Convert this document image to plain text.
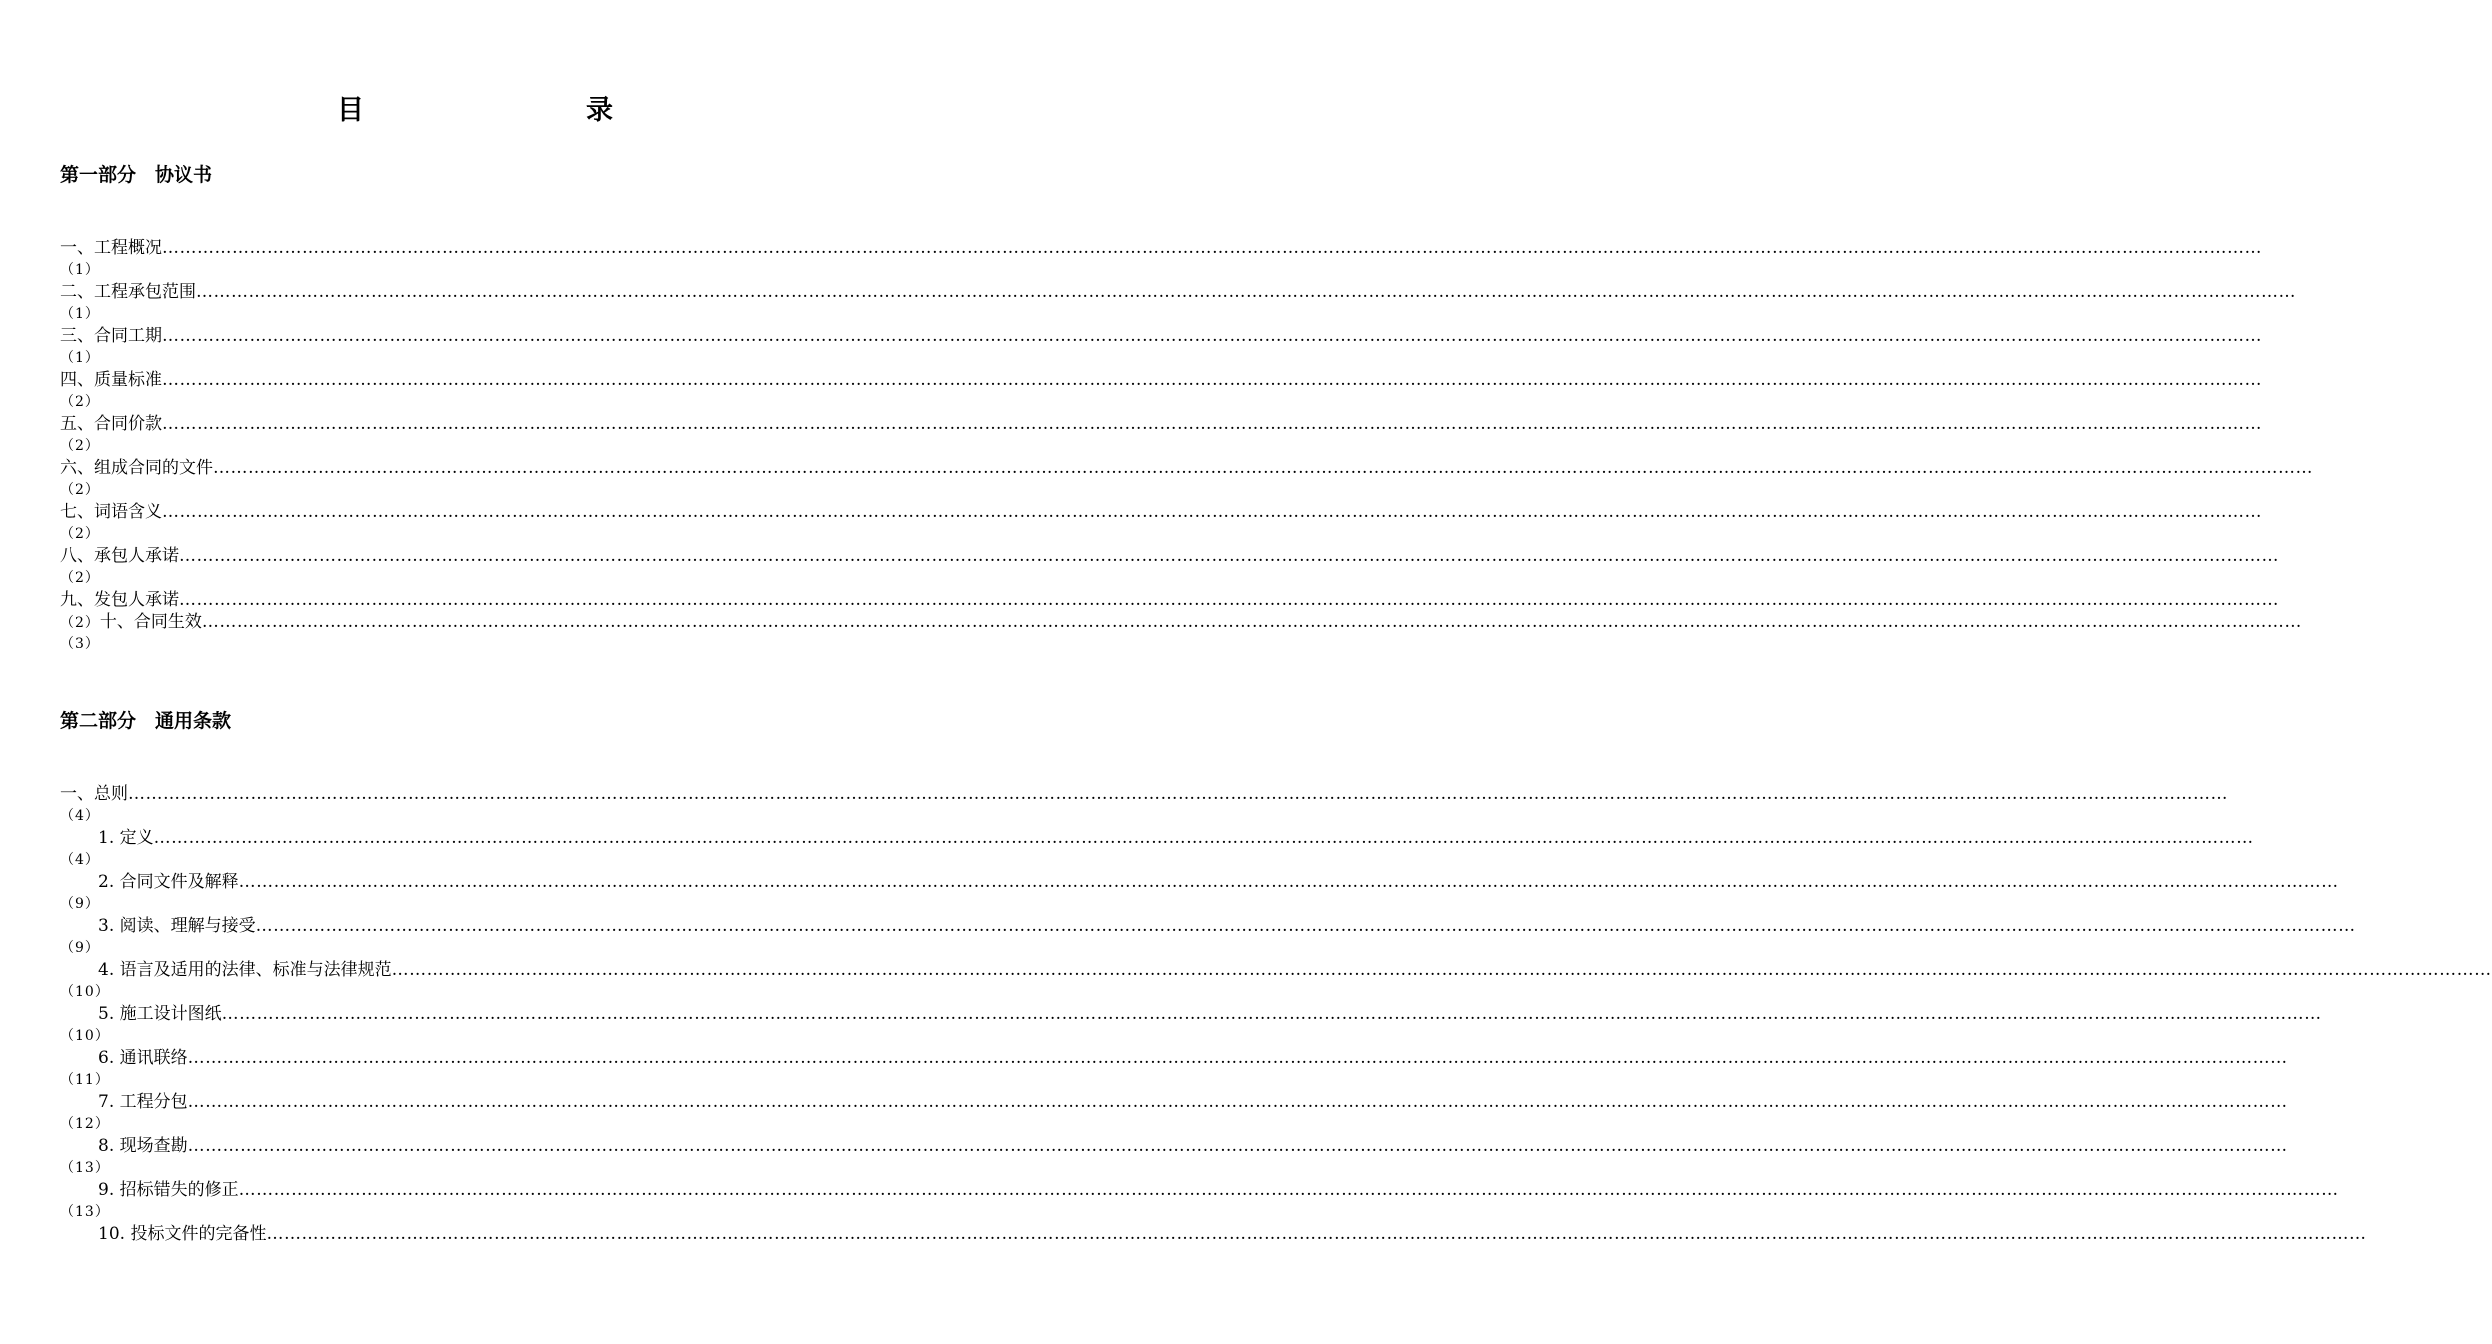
目　　录
第一部分　协议书
一、工程概况 ………………………………………………………………………………………………………………………………………………………………………………………………………………………………………………………………………………………………………………………………
（1）
二、工程承包范围 ………………………………………………………………………………………………………………………………………………………………………………………………………………………………………………………………………………………………………………………………
（1）
三、合同工期 ………………………………………………………………………………………………………………………………………………………………………………………………………………………………………………………………………………………………………………………………
（1）
四、质量标准 ………………………………………………………………………………………………………………………………………………………………………………………………………………………………………………………………………………………………………………………………
（2）
五、合同价款 ………………………………………………………………………………………………………………………………………………………………………………………………………………………………………………………………………………………………………………………………
（2）
六、组成合同的文件 ………………………………………………………………………………………………………………………………………………………………………………………………………………………………………………………………………………………………………………………………
（2）
七、词语含义 ………………………………………………………………………………………………………………………………………………………………………………………………………………………………………………………………………………………………………………………………
（2）
八、承包人承诺 ………………………………………………………………………………………………………………………………………………………………………………………………………………………………………………………………………………………………………………………………
（2）
九、发包人承诺 ………………………………………………………………………………………………………………………………………………………………………………………………………………………………………………………………………………………………………………………………
（2） 十、合同生效 ………………………………………………………………………………………………………………………………………………………………………………………………………………………………………………………………………………………………………………………………
（3）
第二部分　通用条款
一、总则 ………………………………………………………………………………………………………………………………………………………………………………………………………………………………………………………………………………………………………………………………
（4）
1. 定义 ………………………………………………………………………………………………………………………………………………………………………………………………………………………………………………………………………………………………………………………………
（4）
2. 合同文件及解释 ………………………………………………………………………………………………………………………………………………………………………………………………………………………………………………………………………………………………………………………………
（9）
3. 阅读、理解与接受 ………………………………………………………………………………………………………………………………………………………………………………………………………………………………………………………………………………………………………………………………
（9）
4. 语言及适用的法律、标准与法律规范 ………………………………………………………………………………………………………………………………………………………………………………………………………………………………………………………………………………………………………………………………
（10）
5. 施工设计图纸 ………………………………………………………………………………………………………………………………………………………………………………………………………………………………………………………………………………………………………………………………
（10）
6. 通讯联络 ………………………………………………………………………………………………………………………………………………………………………………………………………………………………………………………………………………………………………………………………
（11）
7. 工程分包 ………………………………………………………………………………………………………………………………………………………………………………………………………………………………………………………………………………………………………………………………
（12）
8. 现场查勘 ………………………………………………………………………………………………………………………………………………………………………………………………………………………………………………………………………………………………………………………………
（13）
9. 招标错失的修正 ………………………………………………………………………………………………………………………………………………………………………………………………………………………………………………………………………………………………………………………………
（13）
10. 投标文件的完备性 ………………………………………………………………………………………………………………………………………………………………………………………………………………………………………………………………………………………………………………………………
